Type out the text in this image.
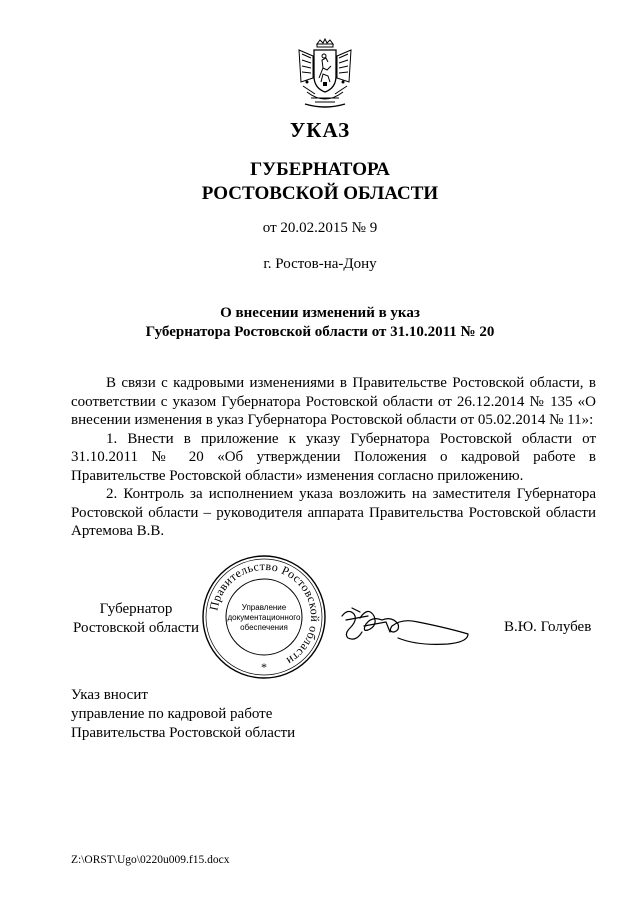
УКАЗ
ГУБЕРНАТОРА
РОСТОВСКОЙ ОБЛАСТИ
от 20.02.2015 № 9
г. Ростов-на-Дону
О внесении изменений в указ
Губернатора Ростовской области от 31.10.2011 № 20

В связи с кадровыми изменениями в Правительстве Ростовской области, в соответствии с указом Губернатора Ростовской области от 26.12.2014 № 135 «О внесении изменения в указ Губернатора Ростовской области от 05.02.2014 № 11»:

1. Внести в приложение к указу Губернатора Ростовской области от 31.10.2011 № 20 «Об утверждении Положения о кадровой работе в Правительстве Ростовской области» изменения согласно приложению.

2. Контроль за исполнением указа возложить на заместителя Губернатора Ростовской области – руководителя аппарата Правительства Ростовской области Артемова В.В.

Губернатор
Ростовской области
Правительство Ростовской области
Управление
документационного
обеспечения
*
В.Ю. Голубев
Указ вносит
управление по кадровой работе
Правительства Ростовской области
Z:\ORST\Ugo\0220u009.f15.docx
